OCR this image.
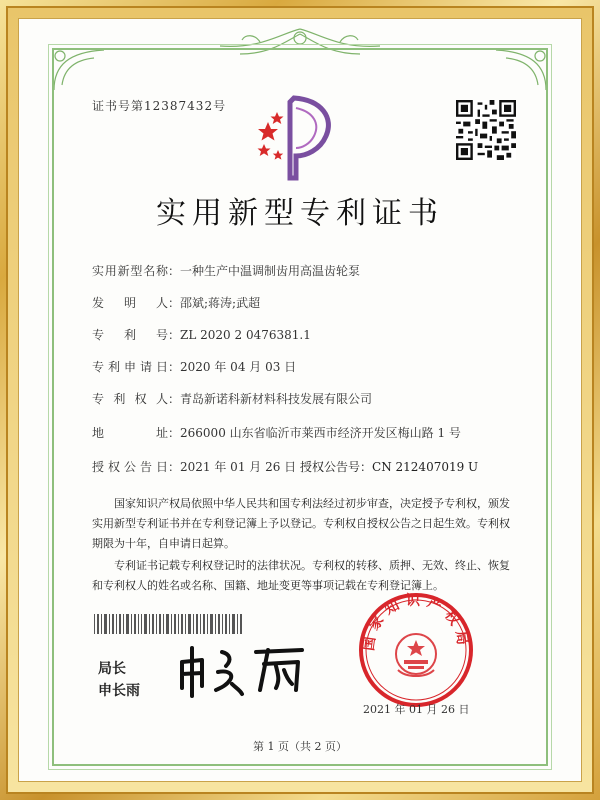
证书号第12387432号
实用新型专利证书
实用新型名称：一种生产中温调制齿用高温齿轮泵
发 明 人：邵斌;蒋涛;武超
专 利 号：ZL 2020 2 0476381.1
专利申请日：2020 年 04 月 03 日
专 利 权 人：青岛新诺科新材料科技发展有限公司
地 址：266000 山东省临沂市莱西市经济开发区梅山路 1 号
授权公告日：2021 年 01 月 26 日 授权公告号：CN 212407019 U
国家知识产权局依照中华人民共和国专利法经过初步审查，决定授予专利权，颁发实用新型专利证书并在专利登记簿上予以登记。专利权自授权公告之日起生效。专利权期限为十年，自申请日起算。
专利证书记载专利权登记时的法律状况。专利权的转移、质押、无效、终止、恢复和专利权人的姓名或名称、国籍、地址变更等事项记载在专利登记簿上。
局长
申长雨
国家知识产权局
2021 年 01 月 26 日
第 1 页（共 2 页）
